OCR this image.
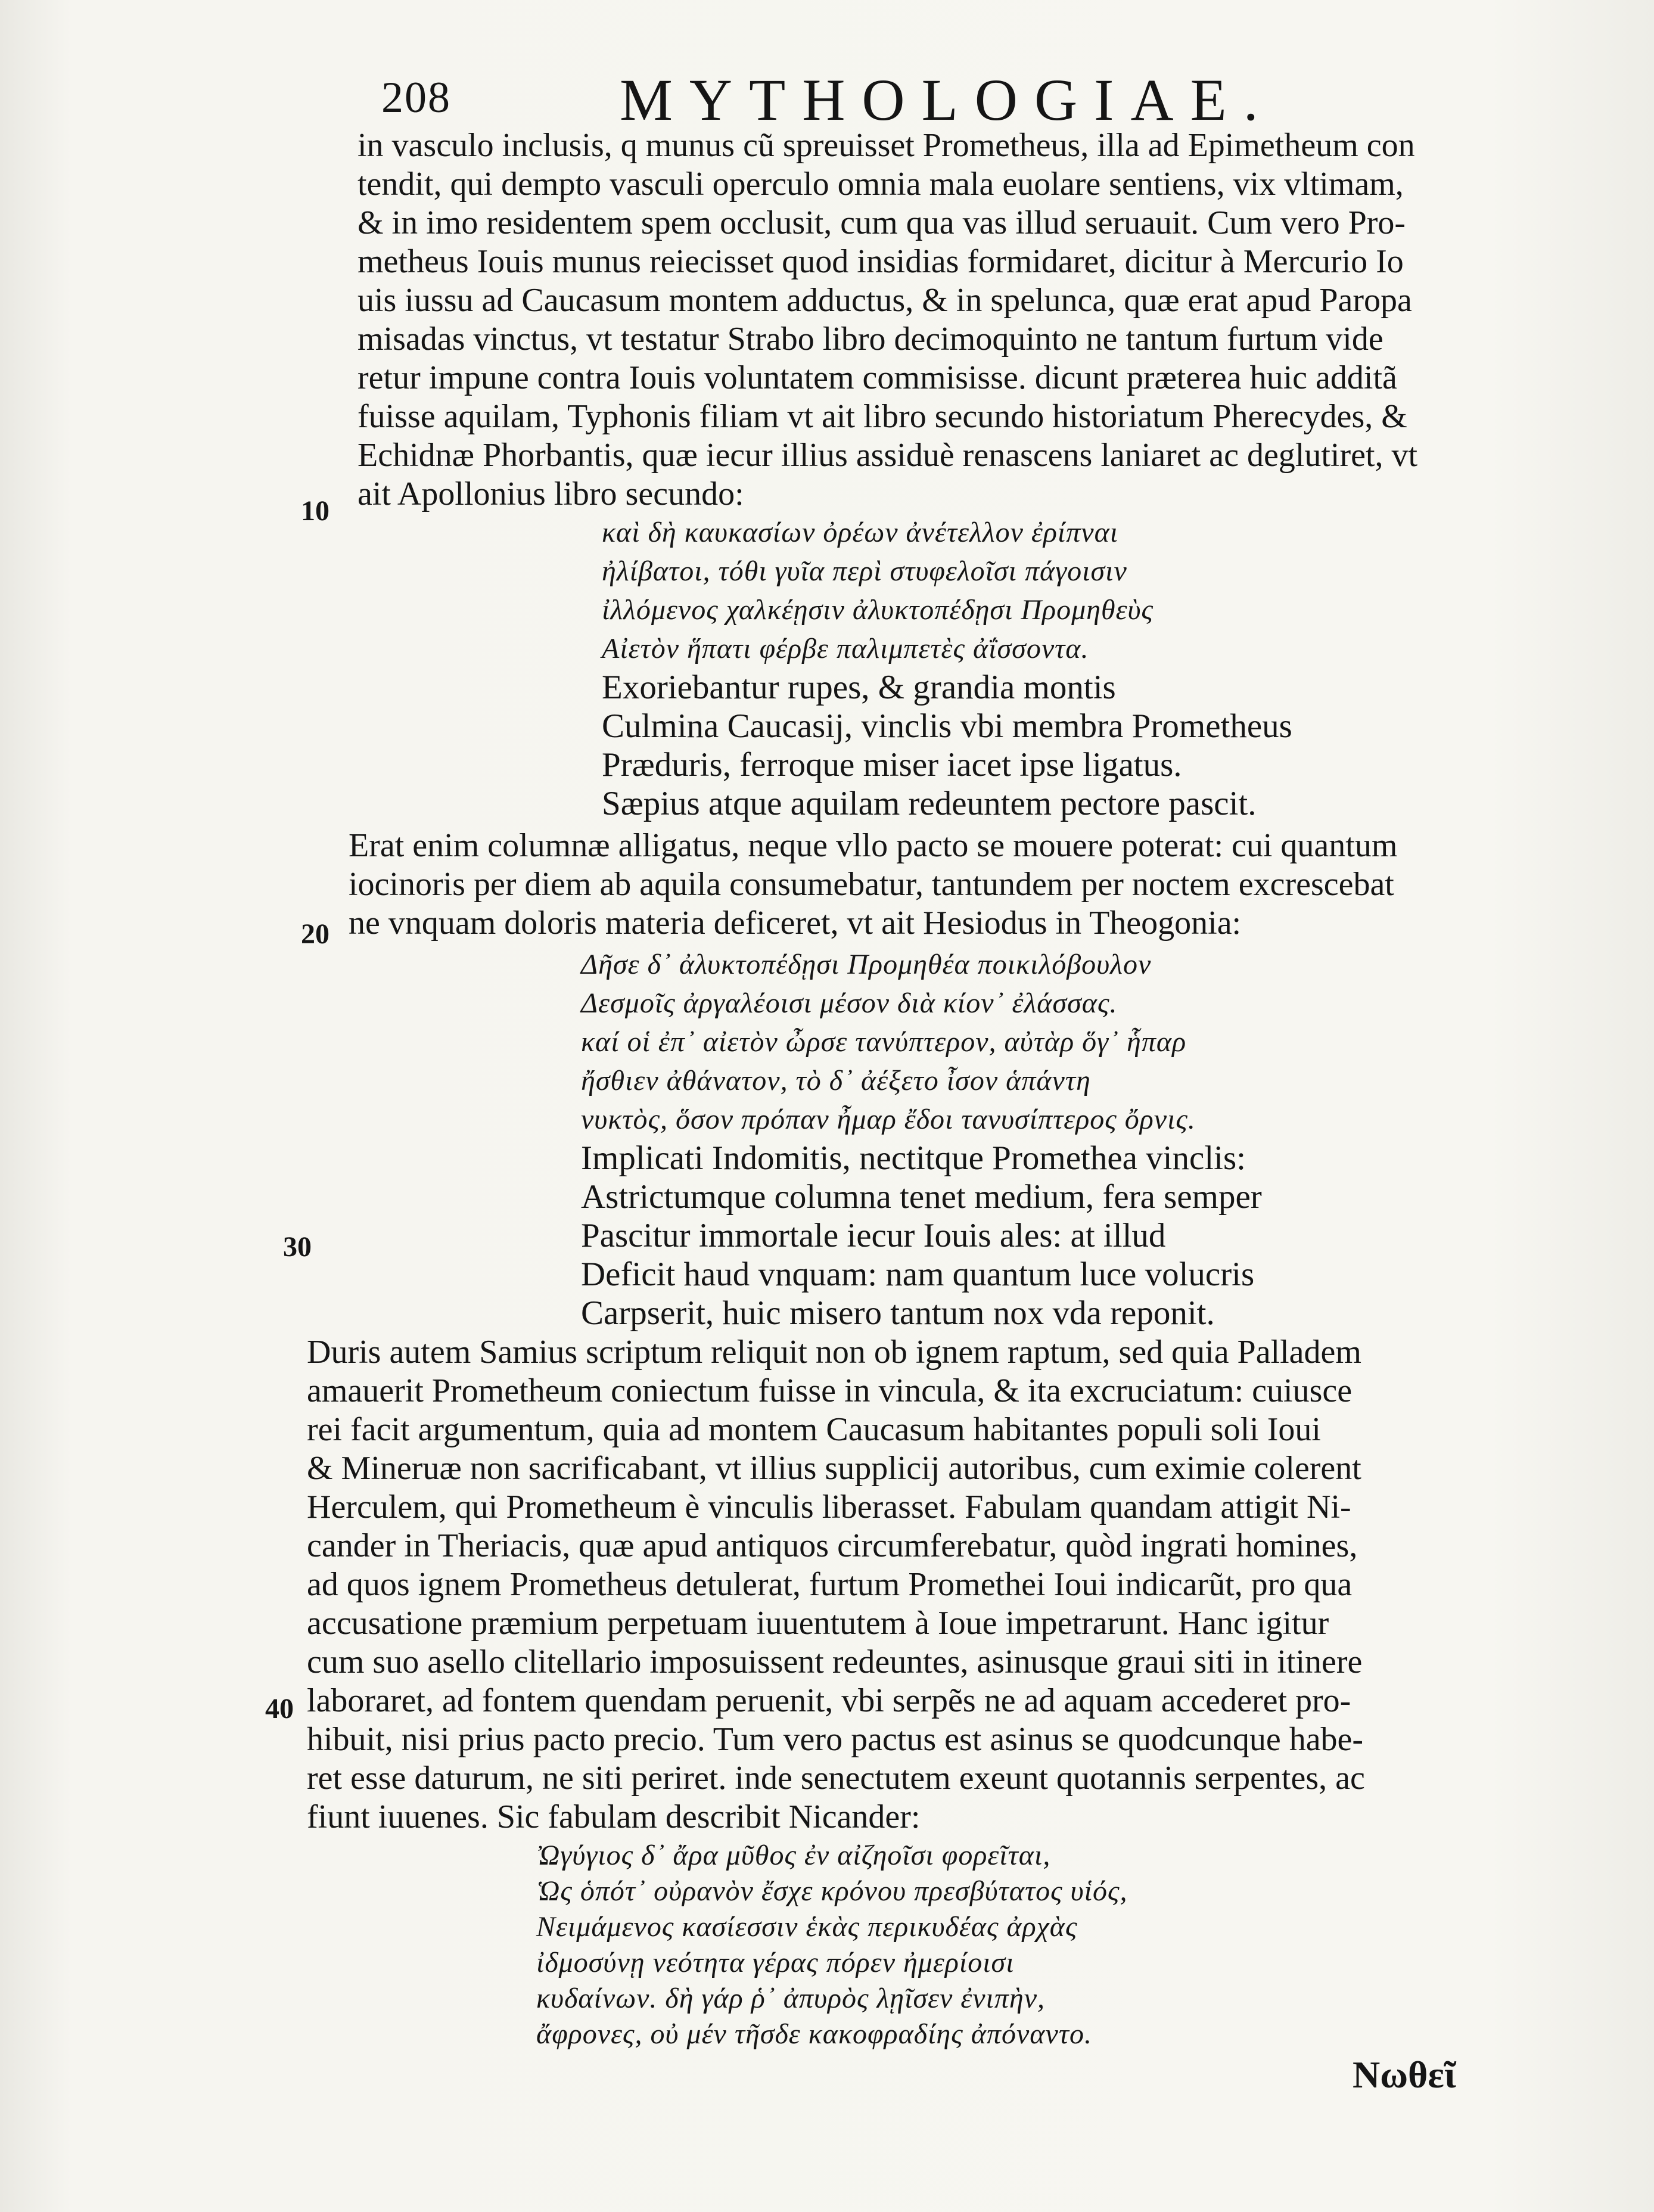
208	MYTHOLOGIAE.
in vasculo inclusis, q munus cũ spreuisset Prometheus, illa ad Epimetheum con
tendit, qui dempto vasculi operculo omnia mala euolare sentiens, vix vltimam,
& in imo residentem spem occlusit, cum qua vas illud seruauit. Cum vero Pro-
metheus Iouis munus reiecisset quod insidias formidaret, dicitur à Mercurio Io
uis iussu ad Caucasum montem adductus, & in spelunca, quæ erat apud Paropa
misadas vinctus, vt testatur Strabo libro decimoquinto ne tantum furtum vide
retur impune contra Iouis voluntatem commisisse. dicunt præterea huic additã
fuisse aquilam, Typhonis filiam vt ait libro secundo historiatum Pherecydes, &
Echidnæ Phorbantis, quæ iecur illius assiduè renascens laniaret ac deglutiret, vt
ait Apollonius libro secundo:
10
καὶ δὴ καυκασίων ὀρέων ἀνέτελλον ἐρίπναι
ἠλίβατοι, τόθι γυῖα περὶ στυφελοῖσι πάγοισιν
ἰλλόμενος χαλκέῃσιν ἀλυκτοπέδῃσι Προμηθεὺς
Αἰετὸν ἥπατι φέρβε παλιμπετὲς ἀΐσσοντα.
Exoriebantur rupes, & grandia montis
Culmina Caucasij, vinclis vbi membra Prometheus
Præduris, ferroque miser iacet ipse ligatus.
Sæpius atque aquilam redeuntem pectore pascit.
Erat enim columnæ alligatus, neque vllo pacto se mouere poterat: cui quantum
iocinoris per diem ab aquila consumebatur, tantundem per noctem excrescebat
ne vnquam doloris materia deficeret, vt ait Hesiodus in Theogonia:
20
Δῆσε δ᾽ ἀλυκτοπέδῃσι Προμηθέα ποικιλόβουλον
Δεσμοῖς ἀργαλέοισι μέσον διὰ κίον᾽ ἐλάσσας.
καί οἱ ἐπ᾽ αἰετὸν ὦρσε τανύπτερον, αὐτὰρ ὅγ᾽ ἧπαρ
ἤσθιεν ἀθάνατον, τὸ δ᾽ ἀέξετο ἶσον ἁπάντη
νυκτὸς, ὅσον πρόπαν ἦμαρ ἔδοι τανυσίπτερος ὄρνις.
Implicati Indomitis, nectitque Promethea vinclis:
Astrictumque columna tenet medium, fera semper
Pascitur immortale iecur Iouis ales: at illud
Deficit haud vnquam: nam quantum luce volucris
Carpserit, huic misero tantum nox vda reponit.
30
Duris autem Samius scriptum reliquit non ob ignem raptum, sed quia Palladem
amauerit Prometheum coniectum fuisse in vincula, & ita excruciatum: cuiusce
rei facit argumentum, quia ad montem Caucasum habitantes populi soli Ioui
& Mineruæ non sacrificabant, vt illius supplicij autoribus, cum eximie colerent
Herculem, qui Prometheum è vinculis liberasset. Fabulam quandam attigit Ni-
cander in Theriacis, quæ apud antiquos circumferebatur, quòd ingrati homines,
ad quos ignem Prometheus detulerat, furtum Promethei Ioui indicarũt, pro qua
accusatione præmium perpetuam iuuentutem à Ioue impetrarunt. Hanc igitur
cum suo asello clitellario imposuissent redeuntes, asinusque graui siti in itinere
laboraret, ad fontem quendam peruenit, vbi serpẽs ne ad aquam accederet pro-
hibuit, nisi prius pacto precio. Tum vero pactus est asinus se quodcunque habe-
ret esse daturum, ne siti periret. inde senectutem exeunt quotannis serpentes, ac
fiunt iuuenes. Sic fabulam describit Nicander:
40
Ὠγύγιος δ᾽ ἄρα μῦθος ἐν αἰζηοῖσι φορεῖται,
Ὡς ὁπότ᾽ οὐρανὸν ἔσχε κρόνου πρεσβύτατος υἱός,
Νειμάμενος κασίεσσιν ἑκὰς περικυδέας ἀρχὰς
ἰδμοσύνῃ νεότητα γέρας πόρεν ἠμερίοισι
κυδαίνων. δὴ γάρ ῥ᾽ ἀπυρὸς λῃῖσεν ἐνιπὴν,
ἄφρονες, οὐ μέν τῆσδε κακοφραδίης ἀπόναντο.
Νωθεῖ
